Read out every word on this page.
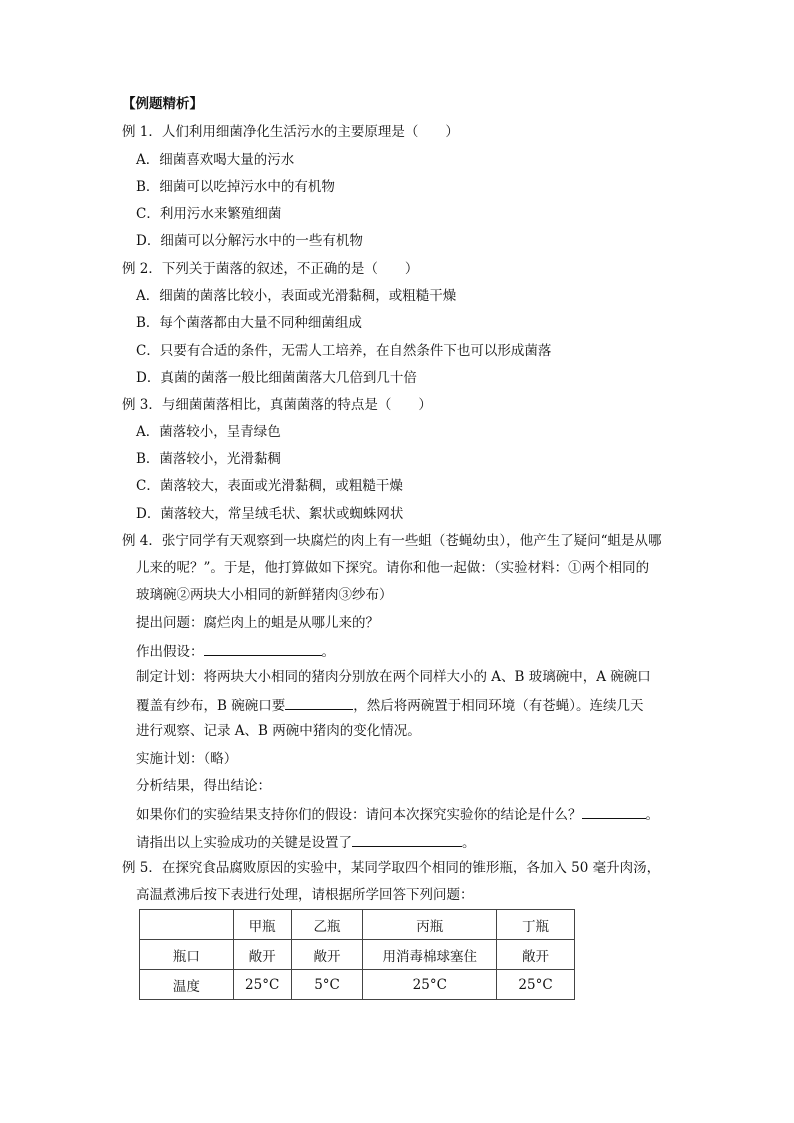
【例题精析】
例 1．人们利用细菌净化生活污水的主要原理是（　　）
A．细菌喜欢喝大量的污水
B．细菌可以吃掉污水中的有机物
C．利用污水来繁殖细菌
D．细菌可以分解污水中的一些有机物
例 2．下列关于菌落的叙述，不正确的是（　　）
A．细菌的菌落比较小，表面或光滑黏稠，或粗糙干燥
B．每个菌落都由大量不同种细菌组成
C．只要有合适的条件，无需人工培养，在自然条件下也可以形成菌落
D．真菌的菌落一般比细菌菌落大几倍到几十倍
例 3．与细菌菌落相比，真菌菌落的特点是（　　）
A．菌落较小，呈青绿色
B．菌落较小，光滑黏稠
C．菌落较大，表面或光滑黏稠，或粗糙干燥
D．菌落较大，常呈绒毛状、絮状或蜘蛛网状
例 4．张宁同学有天观察到一块腐烂的肉上有一些蛆（苍蝇幼虫），他产生了疑问“蛆是从哪
儿来的呢？”。于是，他打算做如下探究。请你和他一起做：（实验材料：①两个相同的
玻璃碗②两块大小相同的新鲜猪肉③纱布）
提出问题：腐烂肉上的蛆是从哪儿来的？
作出假设：	。
制定计划：将两块大小相同的猪肉分别放在两个同样大小的 A、B 玻璃碗中，A 碗碗口
覆盖有纱布，B 碗碗口要	，然后将两碗置于相同环境（有苍蝇）。连续几天
进行观察、记录 A、B 两碗中猪肉的变化情况。
实施计划：（略）
分析结果，得出结论：
如果你们的实验结果支持你们的假设：请问本次探究实验你的结论是什么？	。
请指出以上实验成功的关键是设置了	。
例 5．在探究食品腐败原因的实验中，某同学取四个相同的锥形瓶，各加入 50 毫升肉汤，
高温煮沸后按下表进行处理，请根据所学回答下列问题：
	甲瓶	乙瓶	丙瓶	丁瓶
瓶口	敞开	敞开	用消毒棉球塞住	敞开
温度	25°C	5°C	25°C	25°C
